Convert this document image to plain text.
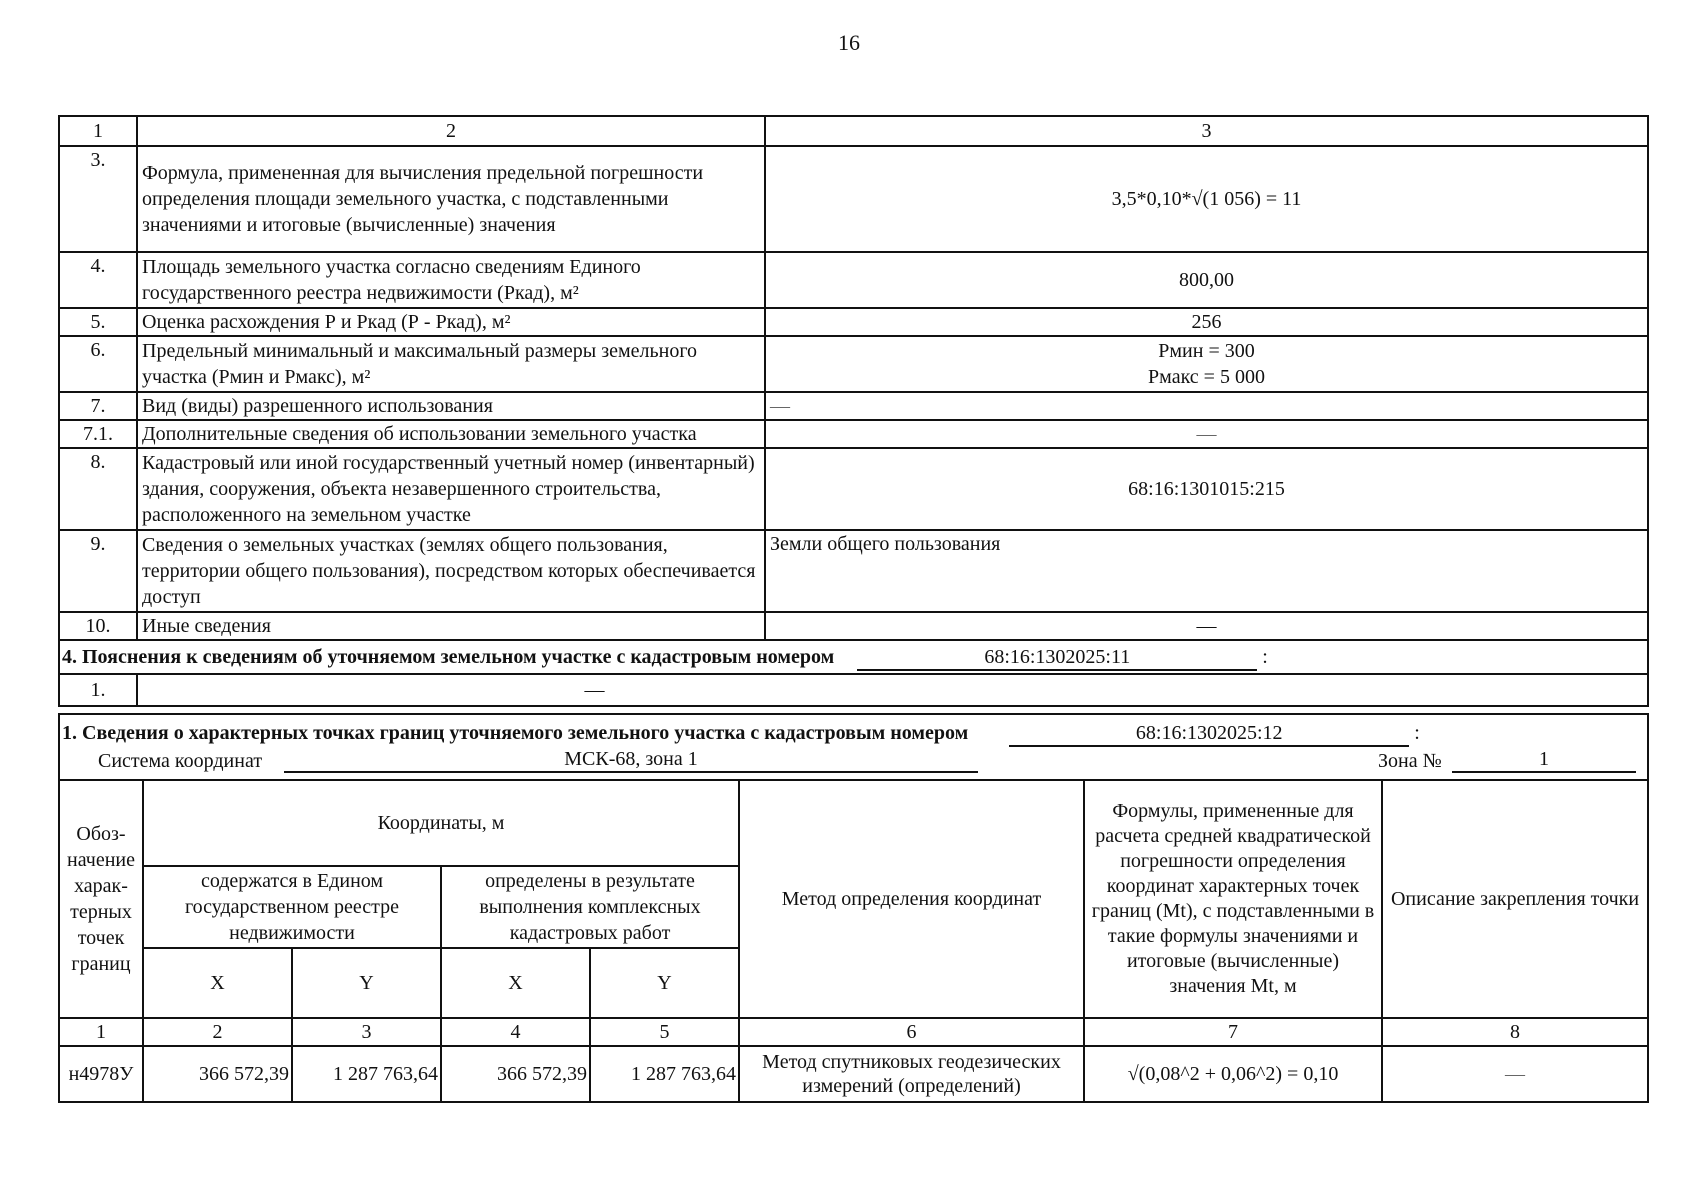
16
1	2	3
3.	Формула, примененная для вычисления предельной погрешности определения площади земельного участка, с подставленными значениями и итоговые (вычисленные) значения	3,5*0,10*√(1 056) = 11
4.	Площадь земельного участка согласно сведениям Единого государственного реестра недвижимости (Ркад), м²	800,00
5.	Оценка расхождения Р и Ркад (Р - Ркад), м²	256
6.	Предельный минимальный и максимальный размеры земельного участка (Рмин и Рмакс), м²	Рмин = 300
Рмакс = 5 000

7.	Вид (виды) разрешенного использования	—
7.1.	Дополнительные сведения об использовании земельного участка	—
8.	Кадастровый или иной государственный учетный номер (инвентарный) здания, сооружения, объекта незавершенного строительства, расположенного на земельном участке	68:16:1301015:215
9.	Сведения о земельных участках (землях общего пользования, территории общего пользования), посредством которых обеспечивается доступ	Земли общего пользования
10.	Иные сведения	—
4. Пояснения к сведениям об уточняемом земельном участке с кадастровым номером 68:16:1302025:11 :		
1.	—	
1. Сведения о характерных точках границ уточняемого земельного участка с кадастровым номером 68:16:1302025:12 :
Система координат МСК-68, зона 1 Зона № 1							

Обоз-начение харак-терных точек границ	Координаты, м				Метод определения координат	Формулы, примененные для расчета средней квадратической погрешности определения координат характерных точек границ (Mt), с подставленными в такие формулы значениями и итоговые (вычисленные) значения Mt, м	Описание закрепления точки
	содержатся в Едином государственном реестре недвижимости		определены в результате выполнения комплексных кадастровых работ				
	X	Y	X	Y			
1	2	3	4	5	6	7	8
н4978У	366 572,39	1 287 763,64	366 572,39	1 287 763,64	Метод спутниковых геодезических измерений (определений)	√(0,08^2 + 0,06^2) = 0,10	—
